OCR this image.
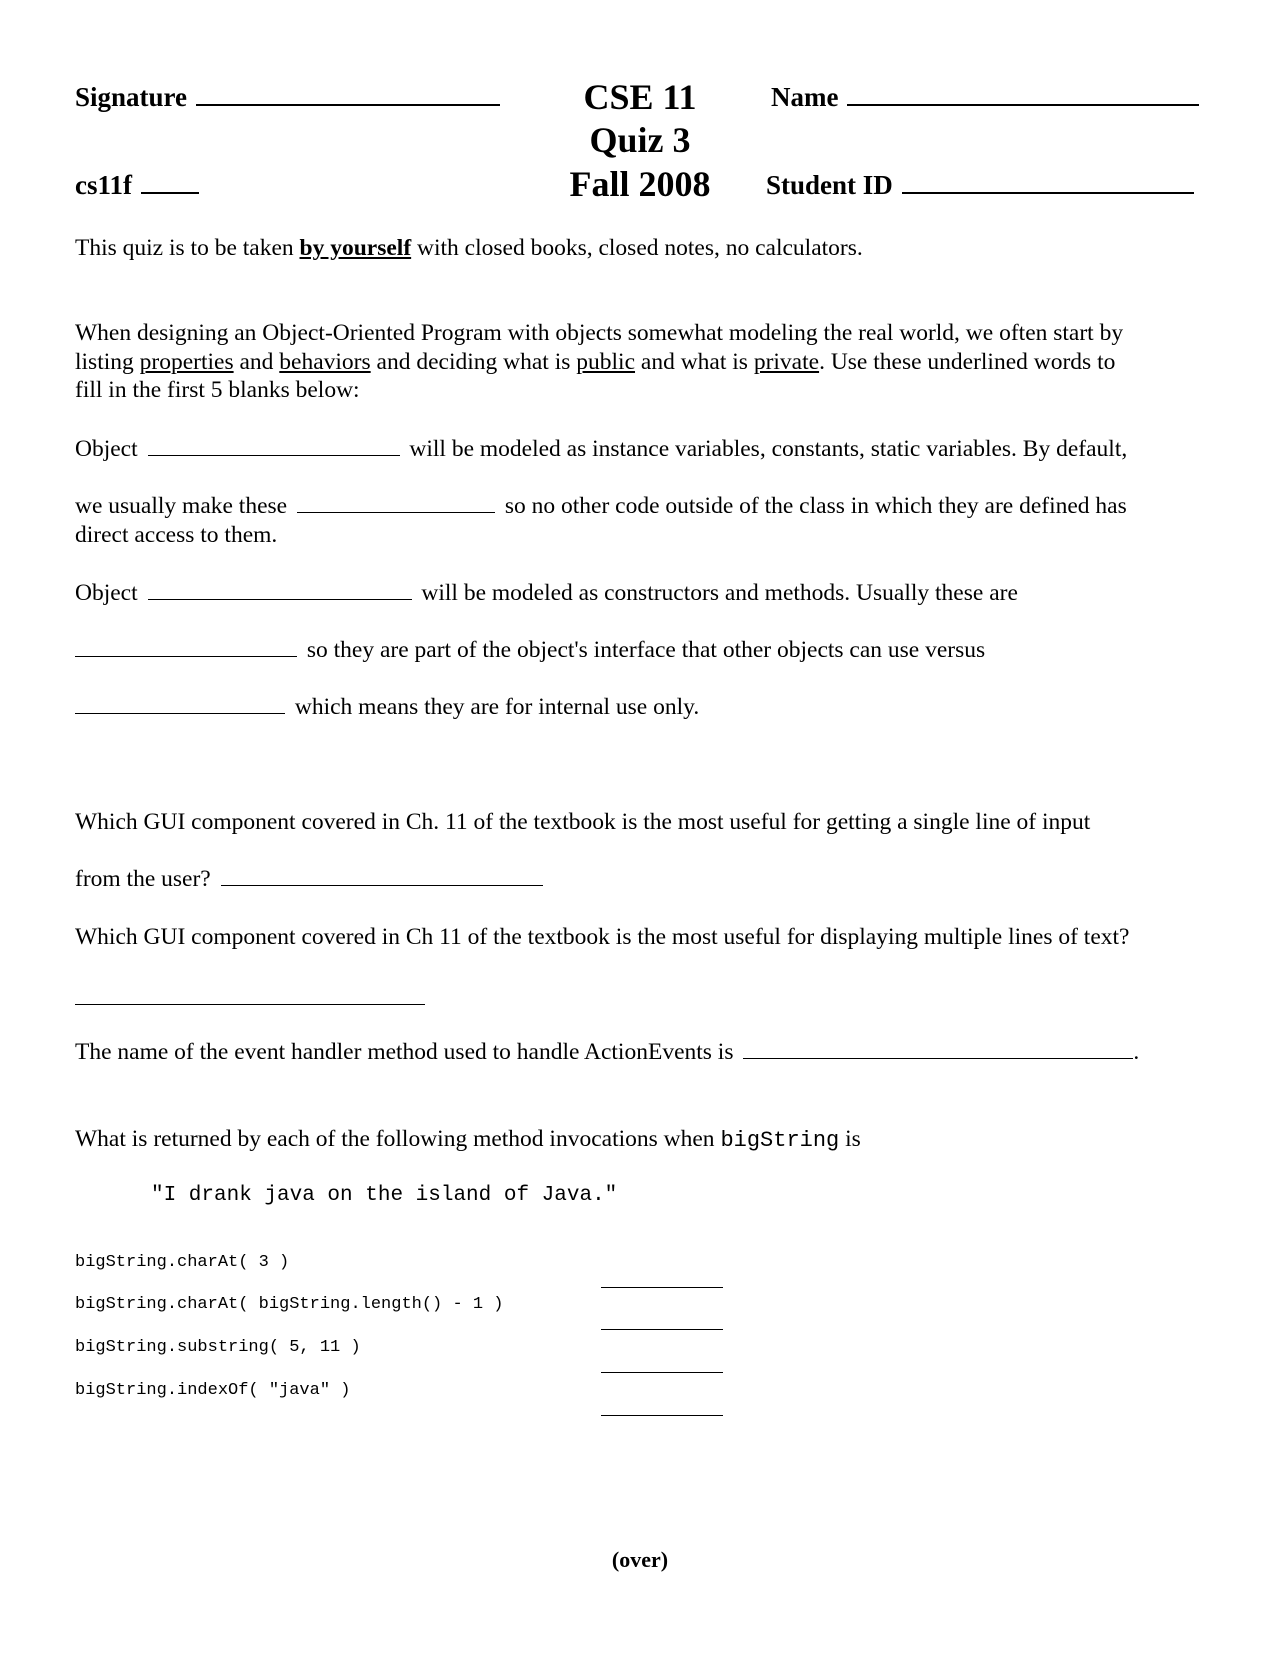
Signature	CSE 11
Quiz 3
Fall 2008
Name
cs11f	Student ID
This quiz is to be taken by yourself with closed books, closed notes, no calculators.
When designing an Object-Oriented Program with objects somewhat modeling the real world, we often start by
listing properties and behaviors and deciding what is public and what is private. Use these underlined words to
fill in the first 5 blanks below:
Object	will be modeled as instance variables, constants, static variables. By default,
we usually make these	so no other code outside of the class in which they are defined has
direct access to them.
Object	will be modeled as constructors and methods. Usually these are
so they are part of the object's interface that other objects can use versus
which means they are for internal use only.
Which GUI component covered in Ch. 11 of the textbook is the most useful for getting a single line of input
from the user?
Which GUI component covered in Ch 11 of the textbook is the most useful for displaying multiple lines of text?
The name of the event handler method used to handle ActionEvents is	.
What is returned by each of the following method invocations when bigString is
"I drank java on the island of Java."
bigString.charAt( 3 )
bigString.charAt( bigString.length() - 1 )
bigString.substring( 5, 11 )
bigString.indexOf( "java" )
(over)
